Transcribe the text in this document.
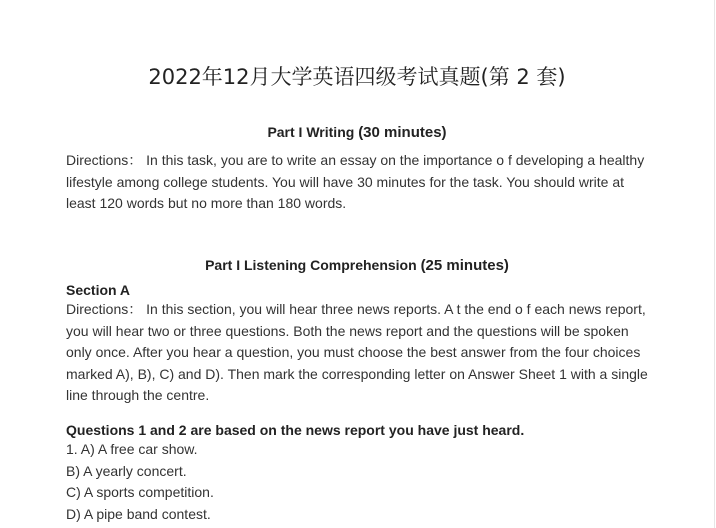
2022年12月大学英语四级考试真题(第 2 套)
Part I Writing (30 minutes)

Directions： In this task, you are to write an essay on the importance o f developing a healthy lifestyle among college students. You will have 30 minutes for the task. You should write at least 120 words but no more than 180 words.

Part I Listening Comprehension (25 minutes)
Section A

Directions： In this section, you will hear three news reports. A t the end o f each news report, you will hear two or three questions. Both the news report and the questions will be spoken only once. After you hear a question, you must choose the best answer from the four choices marked A), B), C) and D). Then mark the corresponding letter on Answer Sheet 1 with a single line through the centre.

Questions 1 and 2 are based on the news report you have just heard.
1. A) A free car show.
B) A yearly concert.
C) A sports competition.
D) A pipe band contest.
